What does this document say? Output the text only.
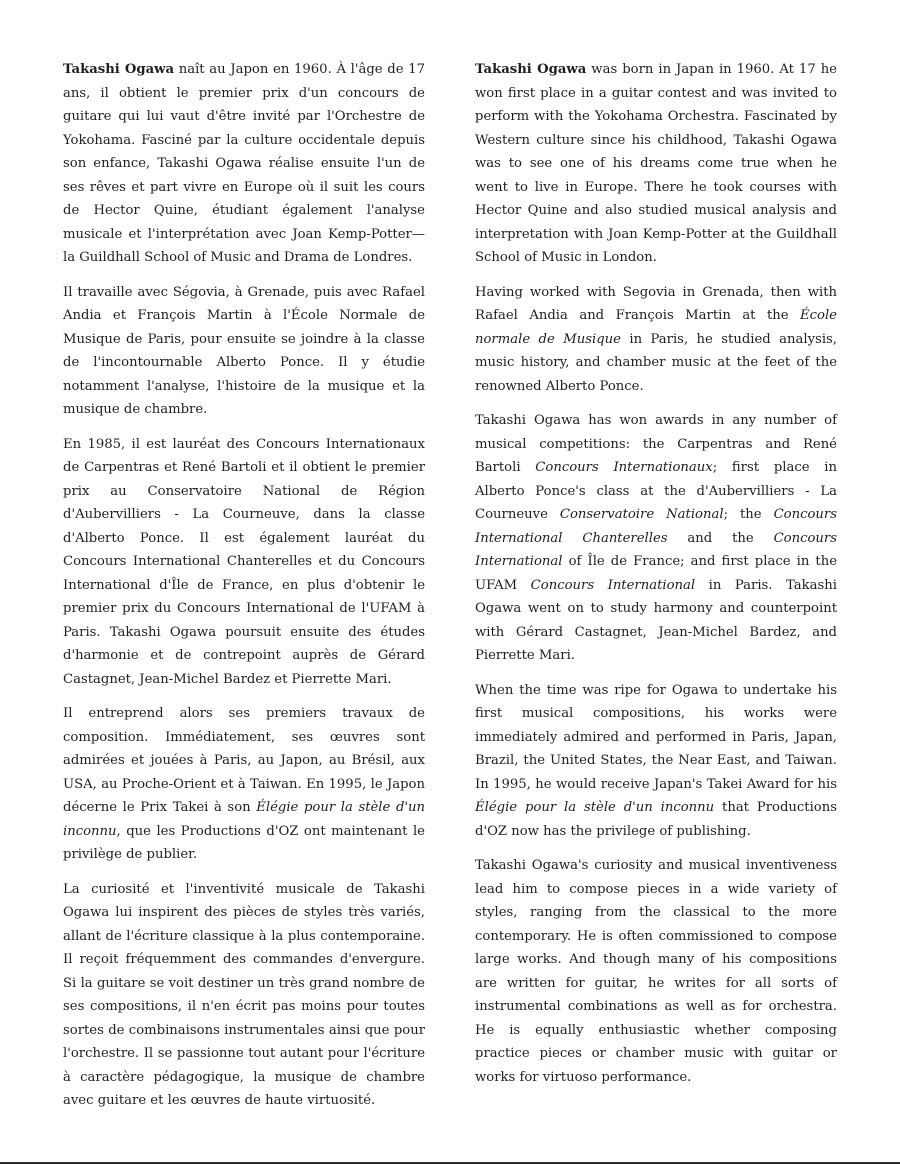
Takashi Ogawa naît au Japon en 1960. À l'âge de 17 ans, il obtient le premier prix d'un concours de guitare qui lui vaut d'être invité par l'Orchestre de Yokohama. Fasciné par la culture occidentale depuis son enfance, Takashi Ogawa réalise ensuite l'un de ses rêves et part vivre en Europe où il suit les cours de Hector Quine, étudiant également l'analyse musicale et l'interprétation avec Joan Kemp-Potter—la Guildhall School of Music and Drama de Londres.

Il travaille avec Ségovia, à Grenade, puis avec Rafael Andia et François Martin à l'École Normale de Musique de Paris, pour ensuite se joindre à la classe de l'incontournable Alberto Ponce. Il y étudie notamment l'analyse, l'histoire de la musique et la musique de chambre.

En 1985, il est lauréat des Concours Internationaux de Carpentras et René Bartoli et il obtient le premier prix au Conservatoire National de Région d'Aubervilliers - La Courneuve, dans la classe d'Alberto Ponce. Il est également lauréat du Concours International Chanterelles et du Concours International d'Île de France, en plus d'obtenir le premier prix du Concours International de l'UFAM à Paris. Takashi Ogawa poursuit ensuite des études d'harmonie et de contrepoint auprès de Gérard Castagnet, Jean-Michel Bardez et Pierrette Mari.

Il entreprend alors ses premiers travaux de composition. Immédiatement, ses œuvres sont admirées et jouées à Paris, au Japon, au Brésil, aux USA, au Proche-Orient et à Taiwan. En 1995, le Japon décerne le Prix Takei à son Élégie pour la stèle d'un inconnu, que les Productions d'OZ ont maintenant le privilège de publier.

La curiosité et l'inventivité musicale de Takashi Ogawa lui inspirent des pièces de styles très variés, allant de l'écriture classique à la plus contemporaine. Il reçoit fréquemment des commandes d'envergure. Si la guitare se voit destiner un très grand nombre de ses compositions, il n'en écrit pas moins pour toutes sortes de combinaisons instrumentales ainsi que pour l'orchestre. Il se passionne tout autant pour l'écriture à caractère pédagogique, la musique de chambre avec guitare et les œuvres de haute virtuosité.

Takashi Ogawa was born in Japan in 1960. At 17 he won first place in a guitar contest and was invited to perform with the Yokohama Orchestra. Fascinated by Western culture since his childhood, Takashi Ogawa was to see one of his dreams come true when he went to live in Europe. There he took courses with Hector Quine and also studied musical analysis and interpretation with Joan Kemp-Potter at the Guildhall School of Music in London.

Having worked with Segovia in Grenada, then with Rafael Andia and François Martin at the École normale de Musique in Paris, he studied analysis, music history, and chamber music at the feet of the renowned Alberto Ponce.

Takashi Ogawa has won awards in any number of musical competitions: the Carpentras and René Bartoli Concours Internationaux; first place in Alberto Ponce's class at the d'Aubervilliers - La Courneuve Conservatoire National; the Concours International Chanterelles and the Concours International of Île de France; and first place in the UFAM Concours International in Paris. Takashi Ogawa went on to study harmony and counterpoint with Gérard Castagnet, Jean-Michel Bardez, and Pierrette Mari.

When the time was ripe for Ogawa to undertake his first musical compositions, his works were immediately admired and performed in Paris, Japan, Brazil, the United States, the Near East, and Taiwan. In 1995, he would receive Japan's Takei Award for his Élégie pour la stèle d'un inconnu that Productions d'OZ now has the privilege of publishing.

Takashi Ogawa's curiosity and musical inventiveness lead him to compose pieces in a wide variety of styles, ranging from the classical to the more contemporary. He is often commissioned to compose large works. And though many of his compositions are written for guitar, he writes for all sorts of instrumental combinations as well as for orchestra. He is equally enthusiastic whether composing practice pieces or chamber music with guitar or works for virtuoso performance.
